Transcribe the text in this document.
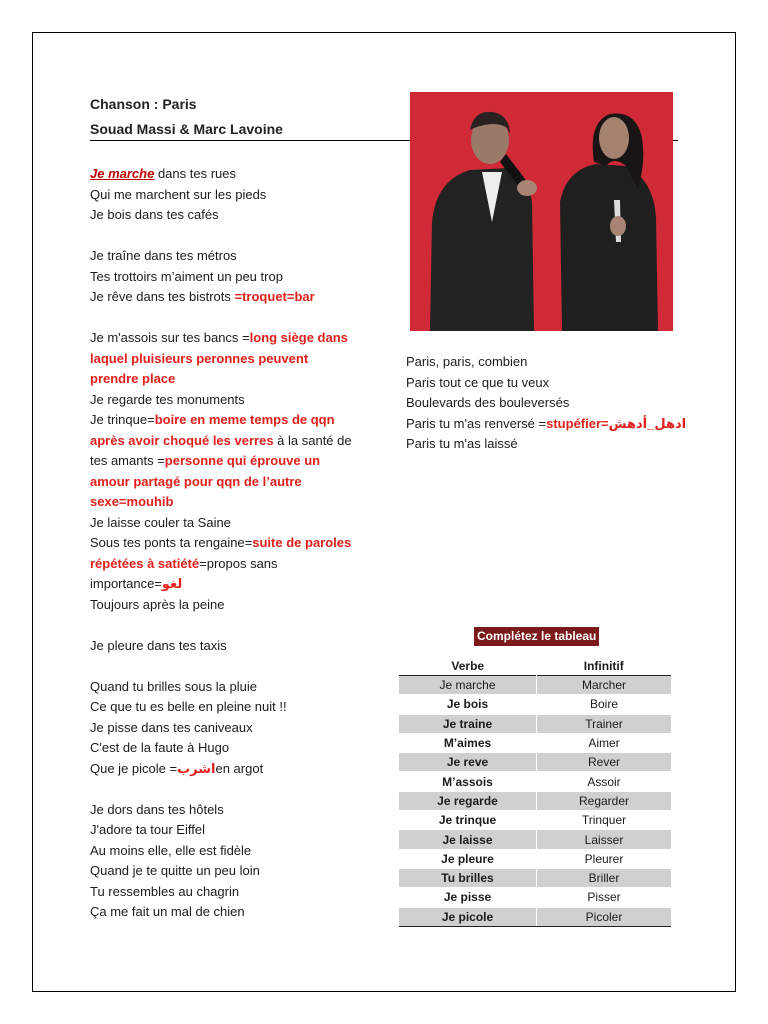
Chanson : Paris
Souad Massi & Marc Lavoine
Je marche dans tes rues
Qui me marchent sur les pieds
Je bois dans tes cafés
Je traîne dans tes métros
Tes trottoirs m’aiment un peu trop
Je rêve dans tes bistrots =troquet=bar
Je m'assois sur tes bancs =long siège dans
laquel pluisieurs peronnes peuvent
prendre place
Je regarde tes monuments
Je trinque=boire en meme temps de qqn
après avoir choqué les verres à la santé de
tes amants =personne qui éprouve un
amour partagé pour qqn de l’autre
sexe=mouhib
Je laisse couler ta Saine
Sous tes ponts ta rengaine=suite de paroles
répétées à satiété=propos sans
importance=لغو
Toujours après la peine
Je pleure dans tes taxis
Quand tu brilles sous la pluie
Ce que tu es belle en pleine nuit !!
Je pisse dans tes caniveaux
C'est de la faute à Hugo
Que je picole =اشربen argot
Je dors dans tes hôtels
J'adore ta tour Eiffel
Au moins elle, elle est fidèle
Quand je te quitte un peu loin
Tu ressembles au chagrin
Ça me fait un mal de chien
Paris, paris, combien
Paris tout ce que tu veux
Boulevards des bouleversés
Paris tu m'as renversé =stupéfier=ادهل_أدهش
Paris tu m'as laissé
Complétez le tableau
Verbe	Infinitif
Je marche	Marcher
Je bois	Boire
Je traine	Trainer
M’aimes	Aimer
Je reve	Rever
M’assois	Assoir
Je regarde	Regarder
Je trinque	Trinquer
Je laisse	Laisser
Je pleure	Pleurer
Tu brilles	Briller
Je pisse	Pisser
Je picole	Picoler
